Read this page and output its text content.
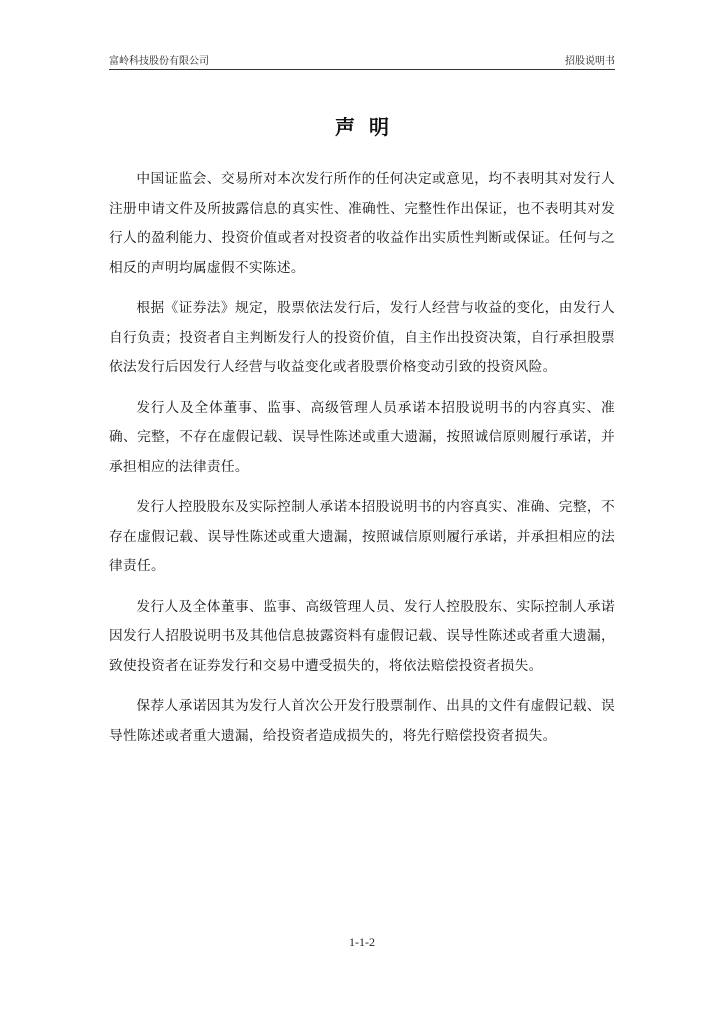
富岭科技股份有限公司	招股说明书
声明

中国证监会、交易所对本次发行所作的任何决定或意见，均不表明其对发行人注册申请文件及所披露信息的真实性、准确性、完整性作出保证，也不表明其对发行人的盈利能力、投资价值或者对投资者的收益作出实质性判断或保证。任何与之相反的声明均属虚假不实陈述。

根据《证券法》规定，股票依法发行后，发行人经营与收益的变化，由发行人自行负责；投资者自主判断发行人的投资价值，自主作出投资决策，自行承担股票依法发行后因发行人经营与收益变化或者股票价格变动引致的投资风险。

发行人及全体董事、监事、高级管理人员承诺本招股说明书的内容真实、准确、完整，不存在虚假记载、误导性陈述或重大遗漏，按照诚信原则履行承诺，并承担相应的法律责任。

发行人控股股东及实际控制人承诺本招股说明书的内容真实、准确、完整，不存在虚假记载、误导性陈述或重大遗漏，按照诚信原则履行承诺，并承担相应的法律责任。

发行人及全体董事、监事、高级管理人员、发行人控股股东、实际控制人承诺因发行人招股说明书及其他信息披露资料有虚假记载、误导性陈述或者重大遗漏，致使投资者在证券发行和交易中遭受损失的，将依法赔偿投资者损失。

保荐人承诺因其为发行人首次公开发行股票制作、出具的文件有虚假记载、误导性陈述或者重大遗漏，给投资者造成损失的，将先行赔偿投资者损失。

1-1-2
